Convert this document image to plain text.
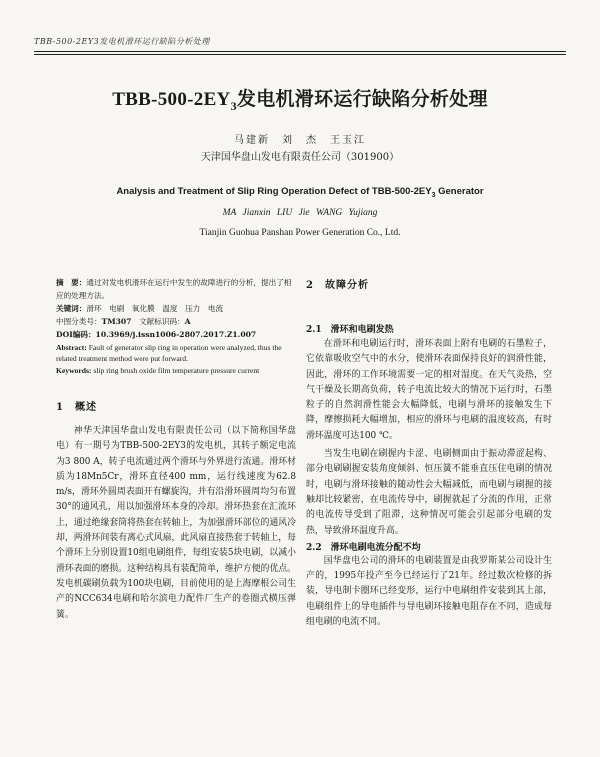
TBB-500-2EY3发电机滑环运行缺陷分析处理
TBB-$500-2EY_3$发电机滑环运行缺陷分析处理
马建新　刘　杰　王玉江
天津国华盘山发电有限责任公司（301900）
Analysis and Treatment of Slip Ring Operation Defect of TBB-$500-2EY_3$ Generator
MA Jianxin LIU Jie WANG Yujiang
Tianjin Guohua Panshan Power Generation Co., Ltd.
摘　要：通过对发电机滑环在运行中发生的故障进行的分析，提出了相应的处理方法。
关键词：滑环　电刷　氧化膜　温度　压力　电流
中图分类号：TM307　 文献标识码：A
DOI编码：10.3969/j.issn1006-2807.2017.Z1.007
Abstract: Fault of generator slip ring in operation were analyzed, thus the related treatment method were put forward.
Keywords: slip ring brush oxide film temperature pressure current
1　概述

神华天津国华盘山发电有限责任公司（以下简称国华盘电）有一期号为TBB-500-2EY3的发电机，其转子额定电流为3 800 A，转子电流通过两个滑环与外界进行流通。滑环材质为18Mn5Cr，滑环直径400 mm，运行线速度为62.8 m/s，滑环外圆周表面开有螺旋沟，并有沿滑环圆周均匀布置30°的通风孔，用以加强滑环本身的冷却。滑环热套在汇流环上，通过绝缘套筒将热套在转轴上，为加强滑环部位的通风冷却，两滑环间装有离心式风扇，此风扇直接热套于转轴上，每个滑环上分别设置10组电刷组件，每组安装5块电刷，以减小滑环表面的磨损。这种结构具有装配简单，维护方便的优点。发电机碳刷负载为100块电刷，目前使用的是上海摩根公司生产的NCC634电刷和哈尔滨电力配件厂生产的卷圈式横压弹簧。

2　故障分析
2.1　滑环和电刷发热

在滑环和电刷运行时，滑环表面上附有电刷的石墨粒子，它依靠吸收空气中的水分，使滑环表面保持良好的润滑性能，因此，滑环的工作环境需要一定的相对湿度。在天气炎热，空气干燥及长期高负荷，转子电流比较大的情况下运行时，石墨粒子的自然润滑性能会大幅降低，电刷与滑环的接触发生下降，摩擦损耗大幅增加，相应的滑环与电刷的温度较高，有时滑环温度可达100 ℃。

当发生电刷在刷握内卡涩、电刷侧面由于振动滞涩起构、部分电刷刷握安装角度倾斜、恒压簧不能垂直压住电刷的情况时，电刷与滑环接触的随动性会大幅减低，而电刷与刷握的接触却比较紧密，在电流传导中，刷握就起了分流的作用，正常的电流传导受到了阻滞，这种情况可能会引起部分电刷的发热，导致滑环温度升高。

2.2　滑环电刷电流分配不均

国华盘电公司的滑环的电刷装置是由我罗斯某公司设计生产的，1995年投产至今已经运行了21年。经过数次检修的拆装，导电制卡圈环已经变形，运行中电刷组件安装到其上部，电刷组件上的导电插件与导电刷环接触电阻存在不同，造成每组电刷的电流不同。
